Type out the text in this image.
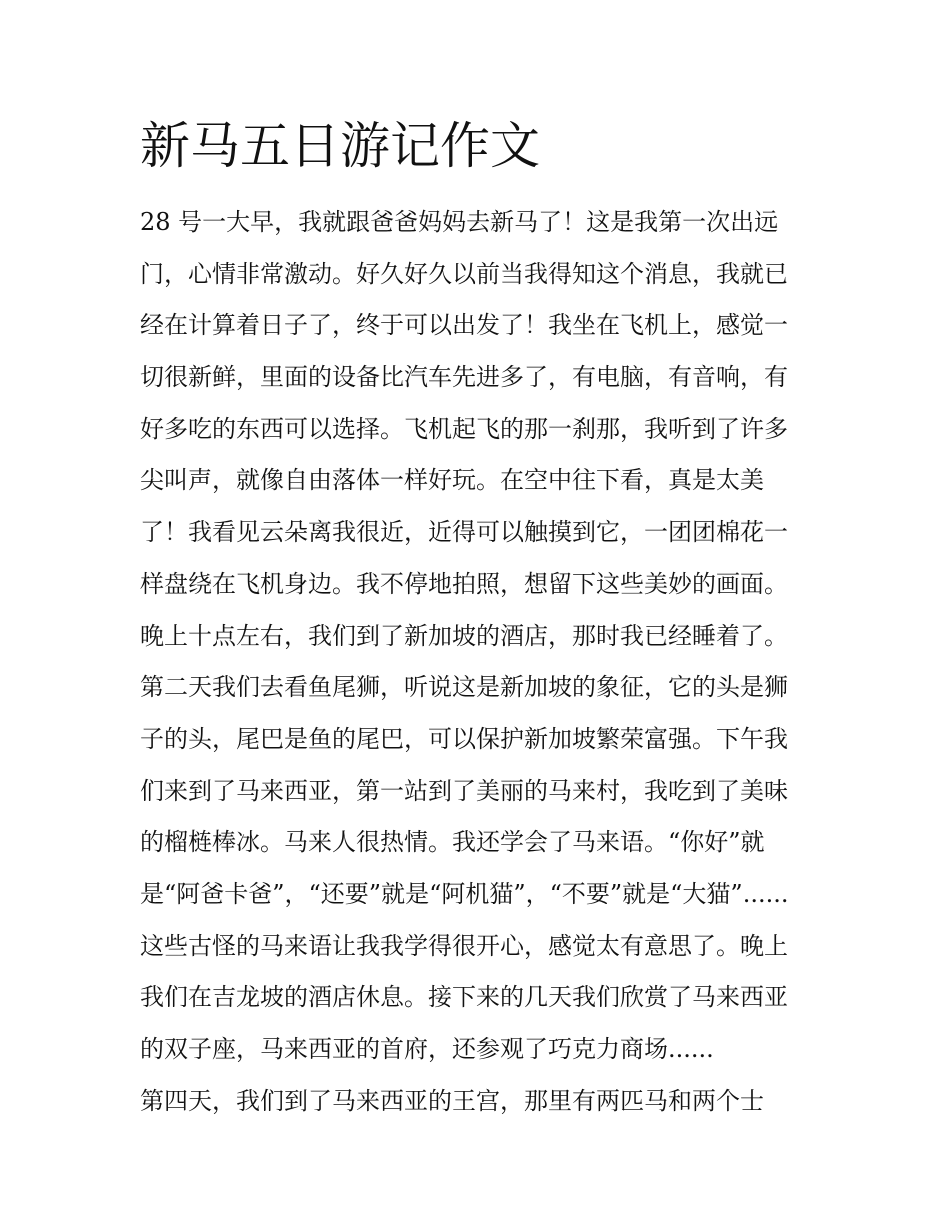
新马五日游记作文
28 号一大早，我就跟爸爸妈妈去新马了！这是我第一次出远
门，心情非常激动。好久好久以前当我得知这个消息，我就已
经在计算着日子了，终于可以出发了！我坐在飞机上，感觉一
切很新鲜，里面的设备比汽车先进多了，有电脑，有音响，有
好多吃的东西可以选择。飞机起飞的那一刹那，我听到了许多
尖叫声，就像自由落体一样好玩。在空中往下看，真是太美
了！我看见云朵离我很近，近得可以触摸到它，一团团棉花一
样盘绕在飞机身边。我不停地拍照，想留下这些美妙的画面。
晚上十点左右，我们到了新加坡的酒店，那时我已经睡着了。
第二天我们去看鱼尾狮，听说这是新加坡的象征，它的头是狮
子的头，尾巴是鱼的尾巴，可以保护新加坡繁荣富强。下午我
们来到了马来西亚，第一站到了美丽的马来村，我吃到了美味
的榴梿棒冰。马来人很热情。我还学会了马来语。“你好”就
是“阿爸卡爸”，“还要”就是“阿机猫”，“不要”就是“大猫”......
这些古怪的马来语让我我学得很开心，感觉太有意思了。晚上
我们在吉龙坡的酒店休息。接下来的几天我们欣赏了马来西亚
的双子座，马来西亚的首府，还参观了巧克力商场......
第四天，我们到了马来西亚的王宫，那里有两匹马和两个士
